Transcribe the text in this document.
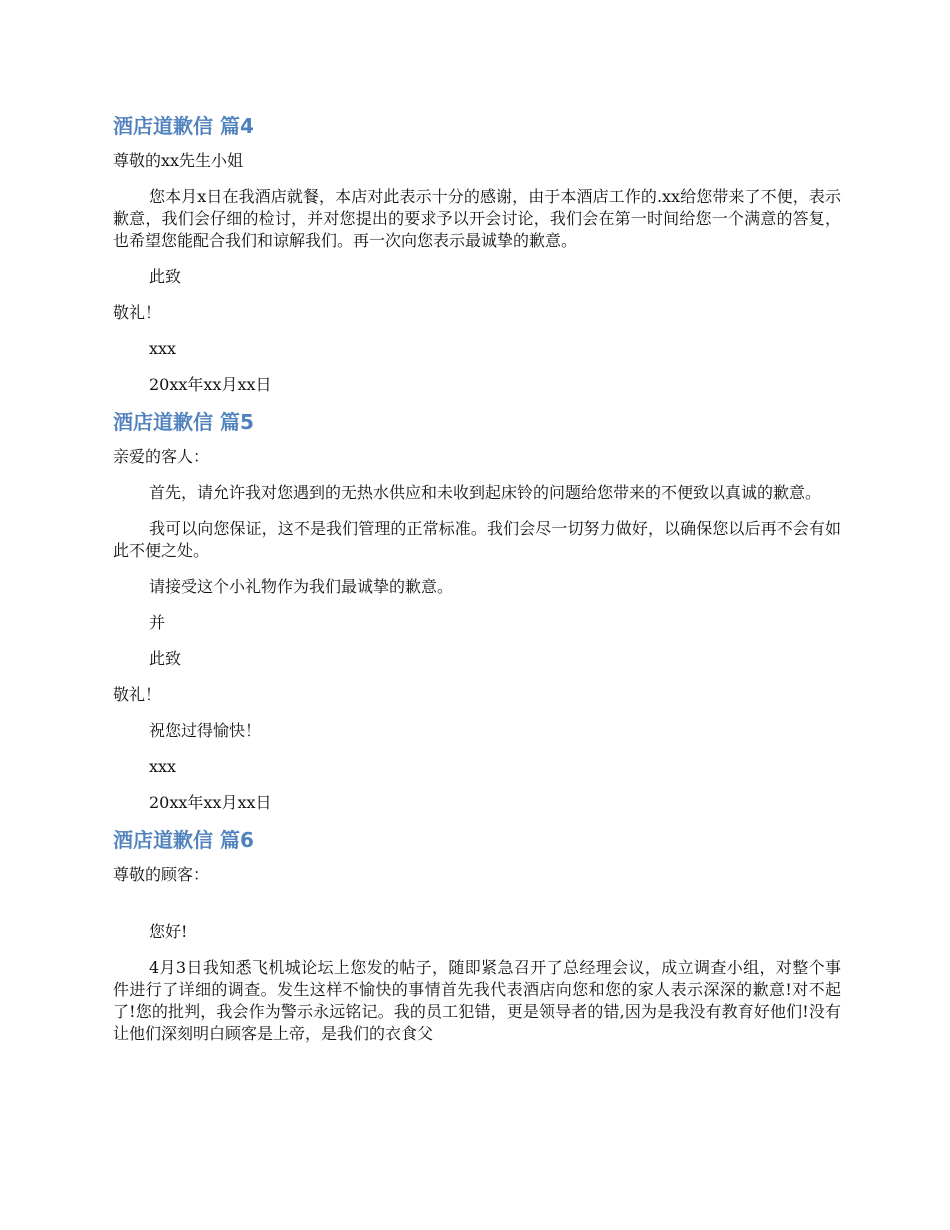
酒店道歉信 篇4

尊敬的xx先生小姐

您本月x日在我酒店就餐，本店对此表示十分的感谢，由于本酒店工作的.xx给您带来了不便，表示歉意，我们会仔细的检讨，并对您提出的要求予以开会讨论，我们会在第一时间给您一个满意的答复，也希望您能配合我们和谅解我们。再一次向您表示最诚挚的歉意。

此致

敬礼！

xxx

20xx年xx月xx日

酒店道歉信 篇5

亲爱的客人：

首先，请允许我对您遇到的无热水供应和未收到起床铃的问题给您带来的不便致以真诚的歉意。

我可以向您保证，这不是我们管理的正常标准。我们会尽一切努力做好，以确保您以后再不会有如此不便之处。

请接受这个小礼物作为我们最诚挚的歉意。

并

此致

敬礼！

祝您过得愉快！

xxx

20xx年xx月xx日

酒店道歉信 篇6

尊敬的顾客：

您好!

4月3日我知悉飞机城论坛上您发的帖子，随即紧急召开了总经理会议，成立调查小组，对整个事件进行了详细的调查。发生这样不愉快的事情首先我代表酒店向您和您的家人表示深深的歉意!对不起了!您的批判，我会作为警示永远铭记。我的员工犯错，更是领导者的错,因为是我没有教育好他们!没有让他们深刻明白顾客是上帝，是我们的衣食父
